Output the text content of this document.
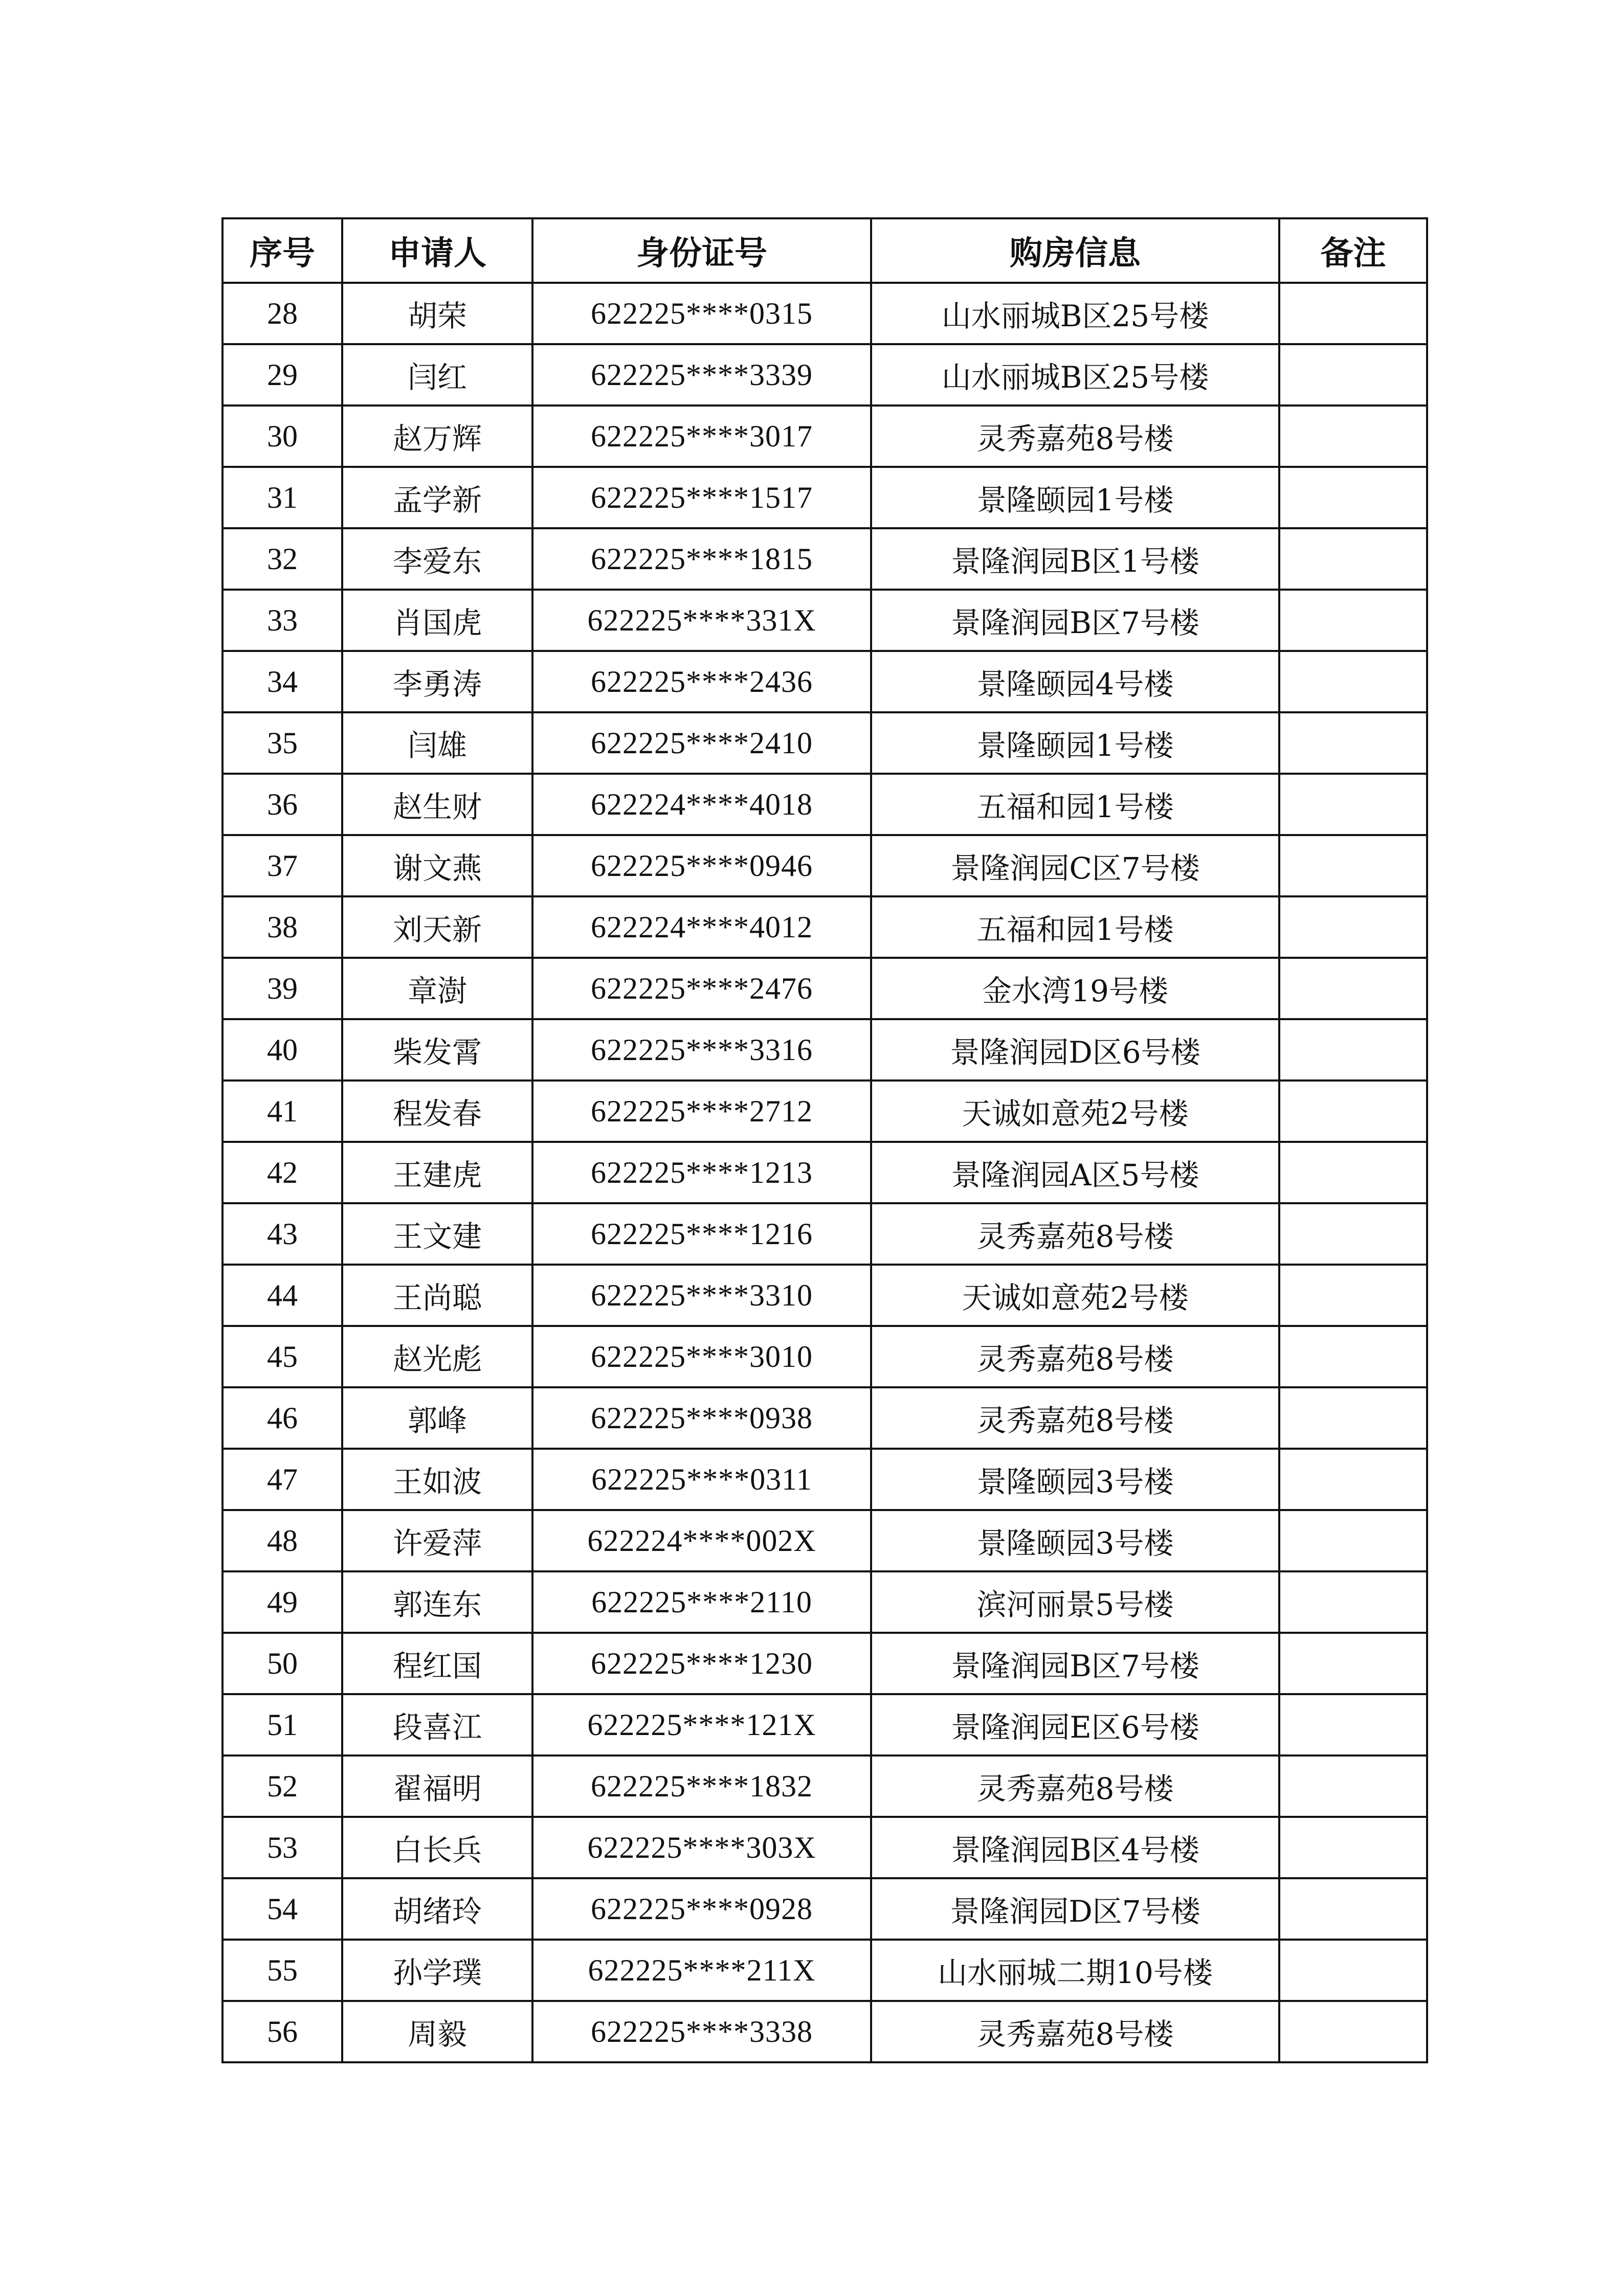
序号	申请人	身份证号	购房信息	备注
28	胡荣	622225****0315	山水丽城B区25号楼	
29	闫红	622225****3339	山水丽城B区25号楼	
30	赵万辉	622225****3017	灵秀嘉苑8号楼	
31	孟学新	622225****1517	景隆颐园1号楼	
32	李爱东	622225****1815	景隆润园B区1号楼	
33	肖国虎	622225****331X	景隆润园B区7号楼	
34	李勇涛	622225****2436	景隆颐园4号楼	
35	闫雄	622225****2410	景隆颐园1号楼	
36	赵生财	622224****4018	五福和园1号楼	
37	谢文燕	622225****0946	景隆润园C区7号楼	
38	刘天新	622224****4012	五福和园1号楼	
39	章澍	622225****2476	金水湾19号楼	
40	柴发霄	622225****3316	景隆润园D区6号楼	
41	程发春	622225****2712	天诚如意苑2号楼	
42	王建虎	622225****1213	景隆润园A区5号楼	
43	王文建	622225****1216	灵秀嘉苑8号楼	
44	王尚聪	622225****3310	天诚如意苑2号楼	
45	赵光彪	622225****3010	灵秀嘉苑8号楼	
46	郭峰	622225****0938	灵秀嘉苑8号楼	
47	王如波	622225****0311	景隆颐园3号楼	
48	许爱萍	622224****002X	景隆颐园3号楼	
49	郭连东	622225****2110	滨河丽景5号楼	
50	程红国	622225****1230	景隆润园B区7号楼	
51	段喜江	622225****121X	景隆润园E区6号楼	
52	翟福明	622225****1832	灵秀嘉苑8号楼	
53	白长兵	622225****303X	景隆润园B区4号楼	
54	胡绪玲	622225****0928	景隆润园D区7号楼	
55	孙学璞	622225****211X	山水丽城二期10号楼	
56	周毅	622225****3338	灵秀嘉苑8号楼	
